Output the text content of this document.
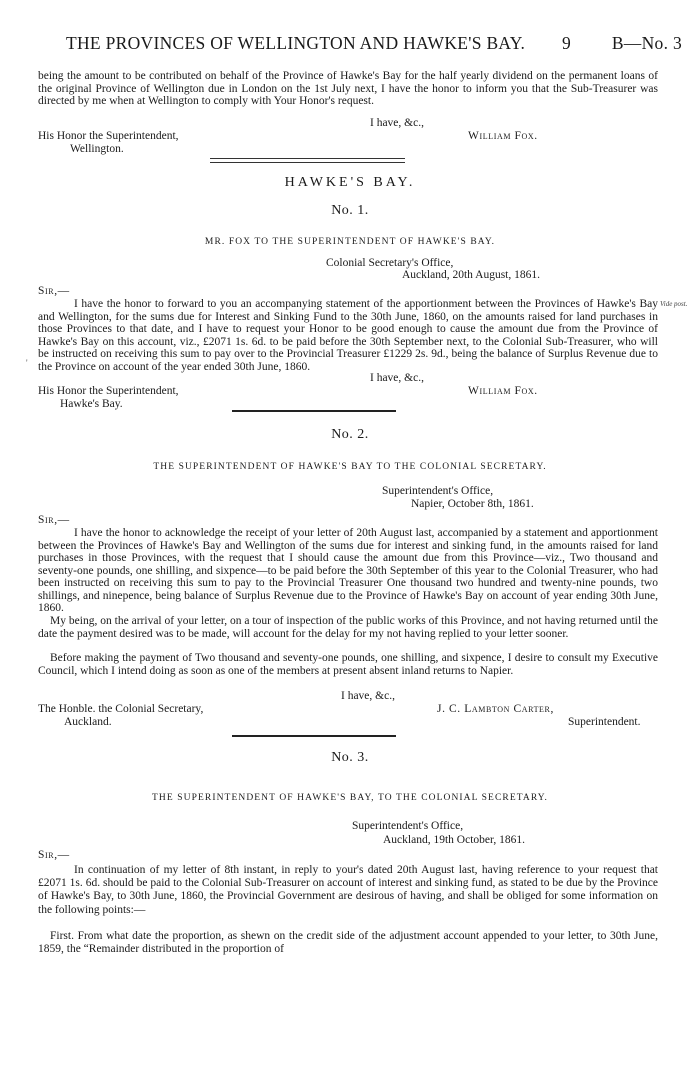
THE PROVINCES OF WELLINGTON AND HAWKE'S BAY. 9 B—No. 3
being the amount to be contributed on behalf of the Province of Hawke's Bay for the half yearly dividend on the permanent loans of the original Province of Wellington due in London on the 1st July next, I have the honor to inform you that the Sub-Treasurer was directed by me when at Wellington to comply with Your Honor's request.
I have, &c.,
His Honor the Superintendent,	William Fox.
Wellington.
HAWKE'S BAY.
No. 1.
MR. FOX TO THE SUPERINTENDENT OF HAWKE'S BAY.
Colonial Secretary's Office,
Auckland, 20th August, 1861.
Sir,—
I have the honor to forward to you an accompanying statement of the apportionment between the Provinces of Hawke's Bay and Wellington, for the sums due for Interest and Sinking Fund to the 30th June, 1860, on the amounts raised for land purchases in those Provinces to that date, and I have to request your Honor to be good enough to cause the amount due from the Province of Hawke's Bay on this account, viz., £2071 1s. 6d. to be paid before the 30th September next, to the Colonial Sub-Treasurer, who will be instructed on receiving this sum to pay over to the Provincial Treasurer £1229 2s. 9d., being the balance of Surplus Revenue due to the Province on account of the year ended 30th June, 1860.
Vide post.
'
I have, &c.,
His Honor the Superintendent,	William Fox.
Hawke's Bay.
No. 2.
THE SUPERINTENDENT OF HAWKE'S BAY TO THE COLONIAL SECRETARY.
Superintendent's Office,
Napier, October 8th, 1861.
Sir,—
I have the honor to acknowledge the receipt of your letter of 20th August last, accompanied by a statement and apportionment between the Provinces of Hawke's Bay and Wellington of the sums due for interest and sinking fund, in the amounts raised for land purchases in those Provinces, with the request that I should cause the amount due from this Province—viz., Two thousand and seventy-one pounds, one shilling, and sixpence—to be paid before the 30th September of this year to the Colonial Treasurer, who had been instructed on receiving this sum to pay to the Provincial Treasurer One thousand two hundred and twenty-nine pounds, two shillings, and ninepence, being balance of Surplus Revenue due to the Province of Hawke's Bay on account of year ending 30th June, 1860.
My being, on the arrival of your letter, on a tour of inspection of the public works of this Province, and not having returned until the date the payment desired was to be made, will account for the delay for my not having replied to your letter sooner.
Before making the payment of Two thousand and seventy-one pounds, one shilling, and sixpence, I desire to consult my Executive Council, which I intend doing as soon as one of the members at present absent inland returns to Napier.
I have, &c.,
The Honble. the Colonial Secretary,	J. C. Lambton Carter,
Auckland.	Superintendent.
No. 3.
THE SUPERINTENDENT OF HAWKE'S BAY, TO THE COLONIAL SECRETARY.
Superintendent's Office,
Auckland, 19th October, 1861.
Sir,—
In continuation of my letter of 8th instant, in reply to your's dated 20th August last, having reference to your request that £2071 1s. 6d. should be paid to the Colonial Sub-Treasurer on account of interest and sinking fund, as stated to be due by the Province of Hawke's Bay, to 30th June, 1860, the Provincial Government are desirous of having, and shall be obliged for some information on the following points:—
First. From what date the proportion, as shewn on the credit side of the adjustment account appended to your letter, to 30th June, 1859, the “Remainder distributed in the proportion of
